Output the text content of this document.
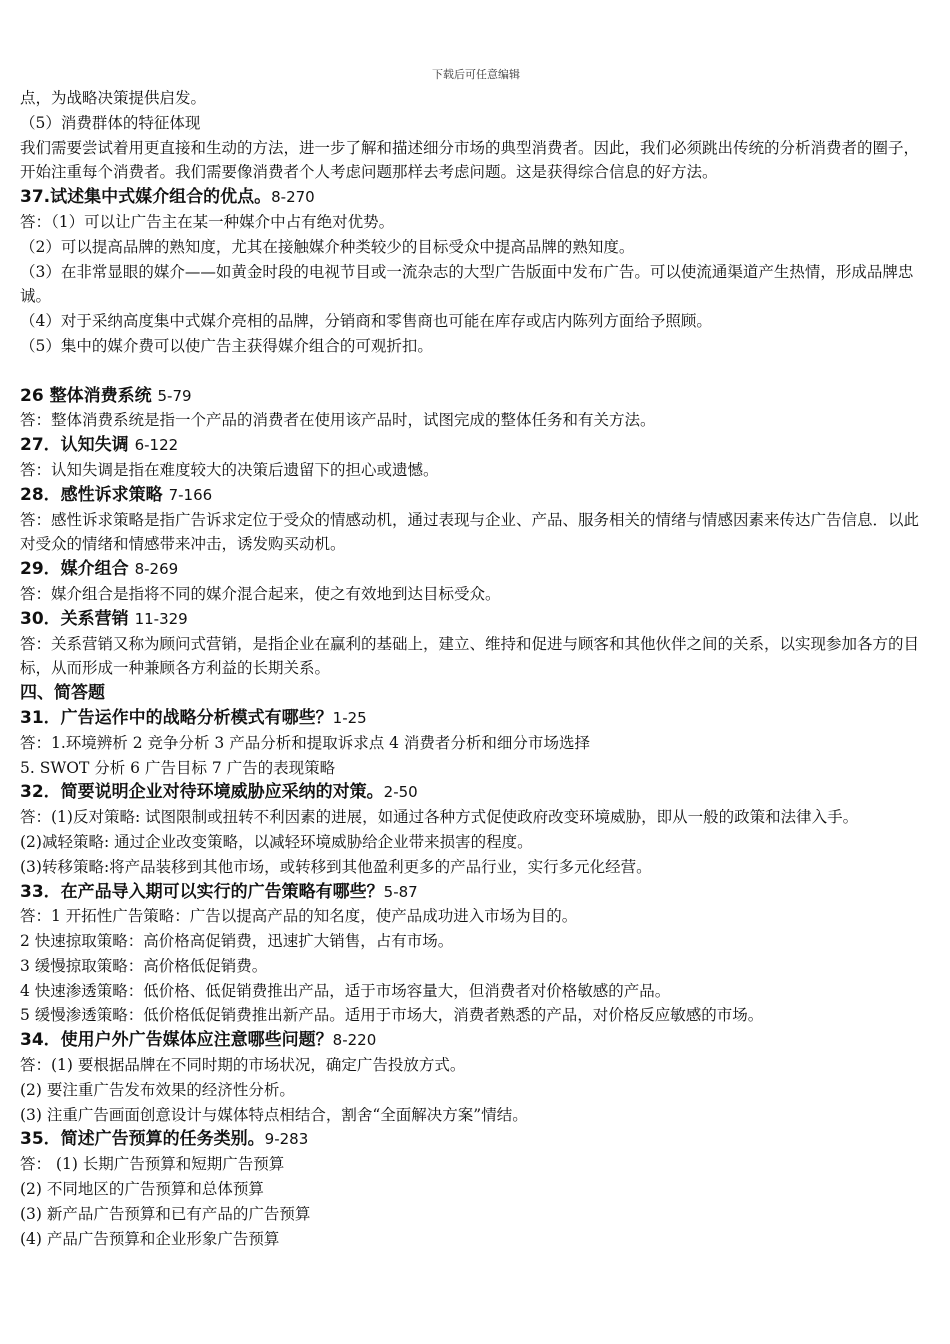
下载后可任意编辑

点，为战略决策提供启发。

（5）消费群体的特征体现

我们需要尝试着用更直接和生动的方法，进一步了解和描述细分市场的典型消费者。因此，我们必须跳出传统的分析消费者的圈子，开始注重每个消费者。我们需要像消费者个人考虑问题那样去考虑问题。这是获得综合信息的好方法。

37.试述集中式媒介组合的优点。8-270

答：（1）可以让广告主在某一种媒介中占有绝对优势。

（2）可以提高品牌的熟知度，尤其在接触媒介种类较少的目标受众中提高品牌的熟知度。

（3）在非常显眼的媒介——如黄金时段的电视节目或一流杂志的大型广告版面中发布广告。可以使流通渠道产生热情，形成品牌忠诚。

（4）对于采纳高度集中式媒介亮相的品牌，分销商和零售商也可能在库存或店内陈列方面给予照顾。

（5）集中的媒介费可以使广告主获得媒介组合的可观折扣。

26 整体消费系统 5-79

答：整体消费系统是指一个产品的消费者在使用该产品时，试图完成的整体任务和有关方法。

27．认知失调 6-122

答：认知失调是指在难度较大的决策后遗留下的担心或遗憾。

28．感性诉求策略 7-166

答：感性诉求策略是指广告诉求定位于受众的情感动机，通过表现与企业、产品、服务相关的情绪与情感因素来传达广告信息．以此对受众的情绪和情感带来冲击，诱发购买动机。

29．媒介组合 8-269

答：媒介组合是指将不同的媒介混合起来，使之有效地到达目标受众。

30．关系营销 11-329

答：关系营销又称为顾问式营销，是指企业在赢利的基础上，建立、维持和促进与顾客和其他伙伴之间的关系，以实现参加各方的目标，从而形成一种兼顾各方利益的长期关系。

四、简答题

31．广告运作中的战略分析模式有哪些？1-25

答：1.环境辨析 2 竞争分析 3 产品分析和提取诉求点 4 消费者分析和细分市场选择

5. SWOT 分析 6 广告目标 7 广告的表现策略

32．简要说明企业对待环境威胁应采纳的对策。2-50

答：(1)反对策略: 试图限制或扭转不利因素的进展，如通过各种方式促使政府改变环境威胁，即从一般的政策和法律入手。

(2)减轻策略: 通过企业改变策略，以减轻环境威胁给企业带来损害的程度。

(3)转移策略:将产品装移到其他市场，或转移到其他盈利更多的产品行业，实行多元化经营。

33．在产品导入期可以实行的广告策略有哪些？5-87

答：1 开拓性广告策略：广告以提高产品的知名度，使产品成功进入市场为目的。

2 快速掠取策略：高价格高促销费，迅速扩大销售，占有市场。

3 缓慢掠取策略：高价格低促销费。

4 快速渗透策略：低价格、低促销费推出产品，适于市场容量大，但消费者对价格敏感的产品。

5 缓慢渗透策略：低价格低促销费推出新产品。适用于市场大，消费者熟悉的产品，对价格反应敏感的市场。

34．使用户外广告媒体应注意哪些问题？8-220

答：(1) 要根据品牌在不同时期的市场状况，确定广告投放方式。

(2) 要注重广告发布效果的经济性分析。

(3) 注重广告画面创意设计与媒体特点相结合，割舍“全面解决方案”情结。

35．简述广告预算的任务类别。9-283

答： (1) 长期广告预算和短期广告预算

(2) 不同地区的广告预算和总体预算

(3) 新产品广告预算和已有产品的广告预算

(4) 产品广告预算和企业形象广告预算
